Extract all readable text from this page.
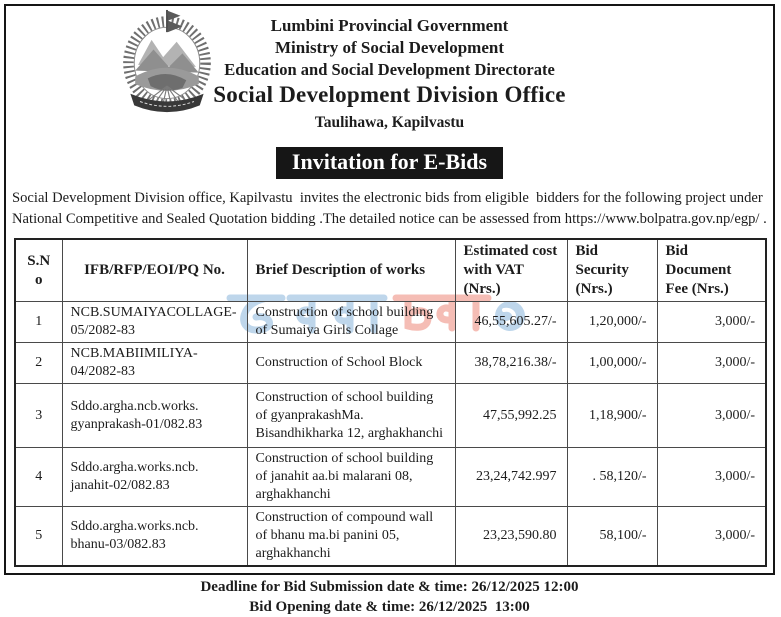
Lumbini Provincial Government
Ministry of Social Development
Education and Social Development Directorate
Social Development Division Office
Taulihawa, Kapilvastu
Invitation for E-Bids
Social Development Division office, Kapilvastu  invites the electronic bids from eligible  bidders for the following project under National Competitive and Sealed Quotation bidding .The detailed notice can be assessed from https://www.bolpatra.gov.np/egp/ .
S.No	IFB/RFP/EOI/PQ No.	Brief Description of works	Estimated cost with VAT (Nrs.)	Bid Security (Nrs.)	Bid Document Fee (Nrs.)
1	NCB.SUMAIYACOLLAGE-05/2082-83	Construction of school building of Sumaiya Girls Collage	46,55,605.27/-	1,20,000/-	3,000/-
2	NCB.MABIIMILIYA-04/2082-83	Construction of School Block	38,78,216.38/-	1,00,000/-	3,000/-
3	Sddo.argha.ncb.works. gyanprakash-01/082.83	Construction of school building of gyanprakashMa. Bisandhikharka 12, arghakhanchi	47,55,992.25	1,18,900/-	3,000/-
4	Sddo.argha.works.ncb. janahit-02/082.83	Construction of school building of janahit aa.bi malarani 08, arghakhanchi	23,24,742.997	. 58,120/-	3,000/-
5	Sddo.argha.works.ncb. bhanu-03/082.83	Construction of compound wall of bhanu ma.bi panini 05, arghakhanchi	23,23,590.80	58,100/-	3,000/-
Deadline for Bid Submission date & time: 26/12/2025 12:00
Bid Opening date & time: 26/12/2025  13:00
